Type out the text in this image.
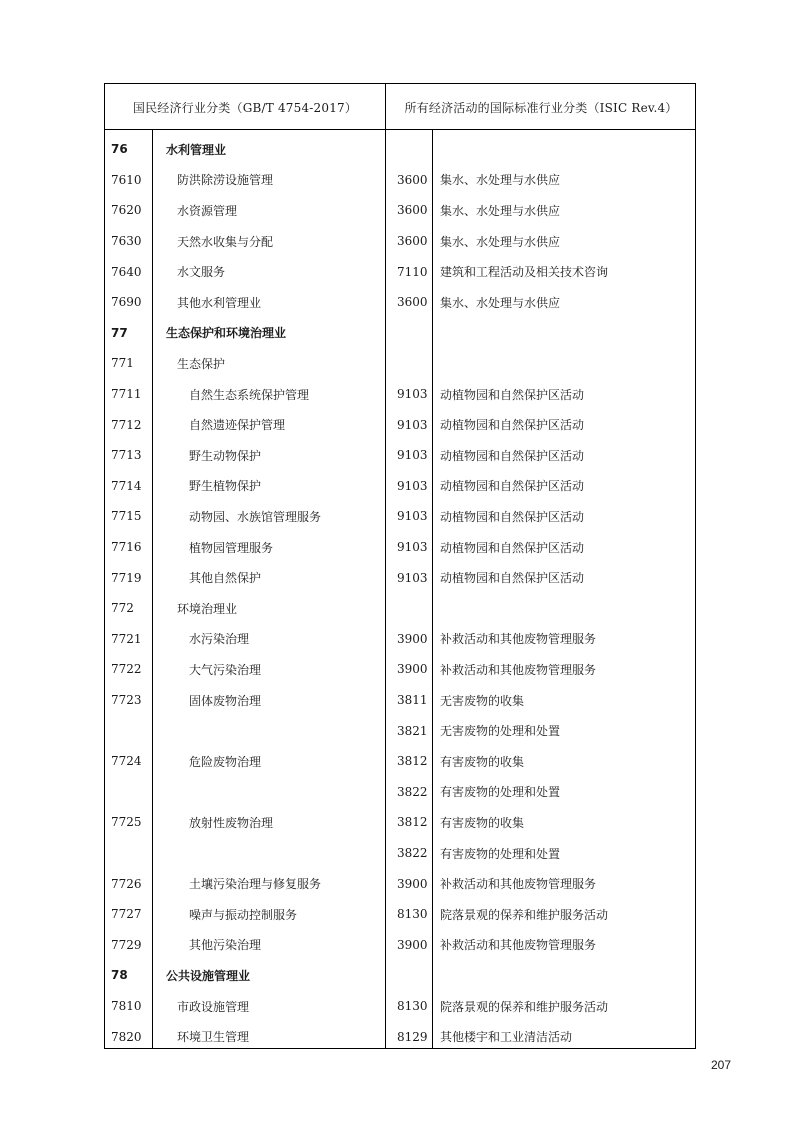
国民经济行业分类（GB/T 4754-2017）	所有经济活动的国际标准行业分类（ISIC Rev.4）
76	水利管理业
7610	防洪除涝设施管理	3600 集水、水处理与水供应
7620	水资源管理	3600 集水、水处理与水供应
7630	天然水收集与分配	3600 集水、水处理与水供应
7640	水文服务	7110 建筑和工程活动及相关技术咨询
7690	其他水利管理业	3600 集水、水处理与水供应
77	生态保护和环境治理业
771	生态保护
7711	自然生态系统保护管理	9103 动植物园和自然保护区活动
7712	自然遗迹保护管理	9103 动植物园和自然保护区活动
7713	野生动物保护	9103 动植物园和自然保护区活动
7714	野生植物保护	9103 动植物园和自然保护区活动
7715	动物园、水族馆管理服务	9103 动植物园和自然保护区活动
7716	植物园管理服务	9103 动植物园和自然保护区活动
7719	其他自然保护	9103 动植物园和自然保护区活动
772	环境治理业
7721	水污染治理	3900 补救活动和其他废物管理服务
7722	大气污染治理	3900 补救活动和其他废物管理服务
7723	固体废物治理	3811 无害废物的收集
3821 无害废物的处理和处置
7724	危险废物治理	3812 有害废物的收集
3822 有害废物的处理和处置
7725	放射性废物治理	3812 有害废物的收集
3822 有害废物的处理和处置
7726	土壤污染治理与修复服务	3900 补救活动和其他废物管理服务
7727	噪声与振动控制服务	8130 院落景观的保养和维护服务活动
7729	其他污染治理	3900 补救活动和其他废物管理服务
78	公共设施管理业
7810	市政设施管理	8130 院落景观的保养和维护服务活动
7820	环境卫生管理	8129 其他楼宇和工业清洁活动
207
